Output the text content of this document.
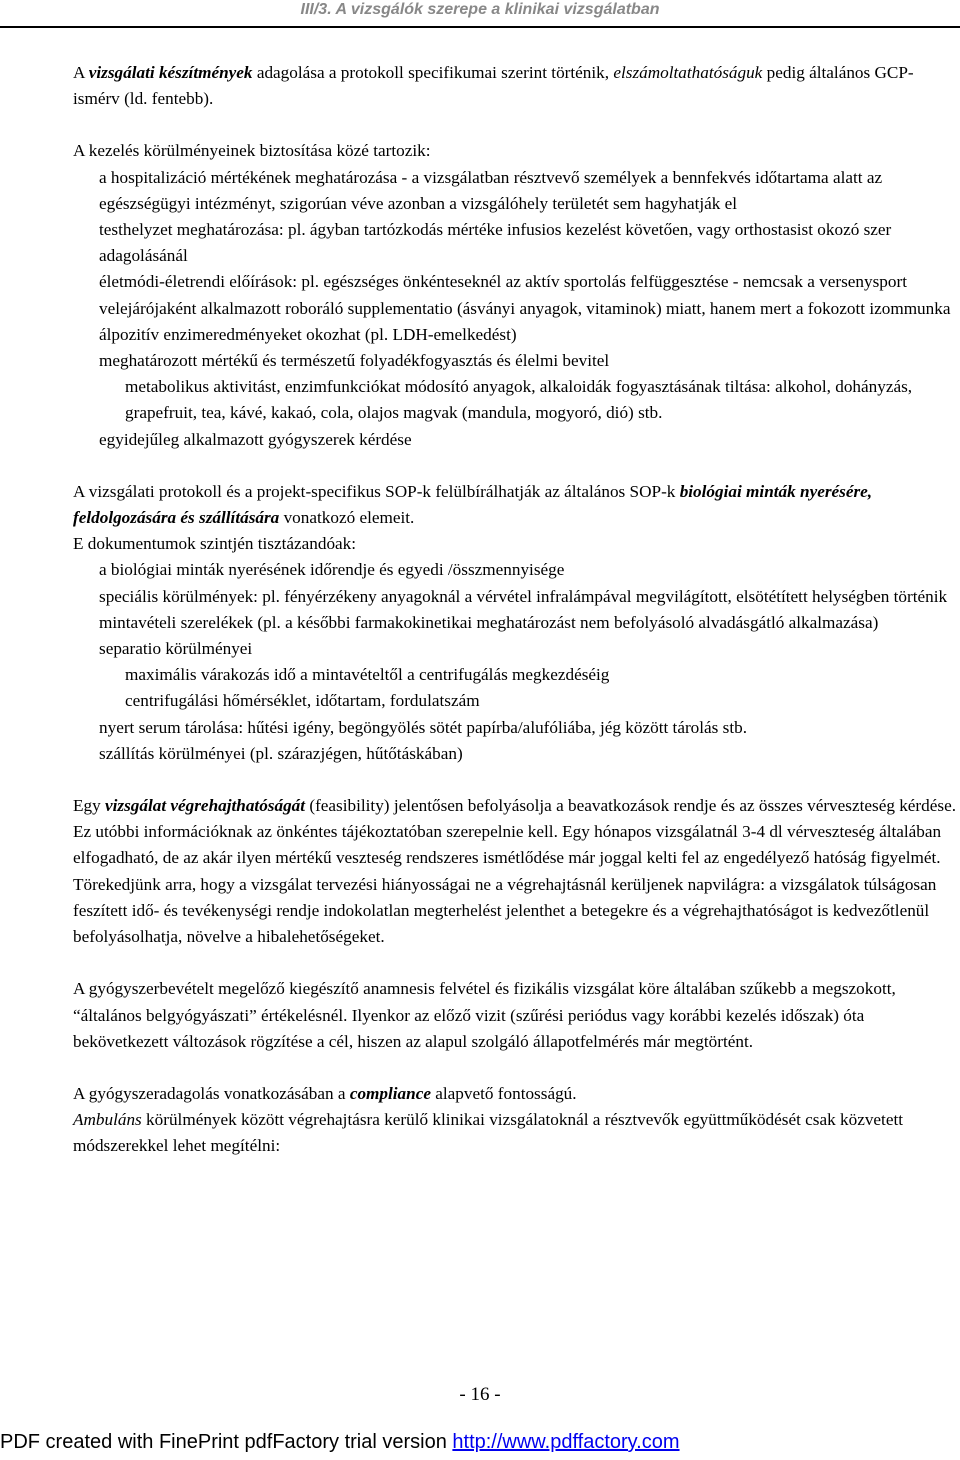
III/3. A vizsgálók szerepe a klinikai vizsgálatban

A vizsgálati készítmények adagolása a protokoll specifikumai szerint történik, elszámoltathatóságuk pedig általános GCP-ismérv (ld. fentebb).

A kezelés körülményeinek biztosítása közé tartozik:

a hospitalizáció mértékének meghatározása - a vizsgálatban résztvevő személyek a bennfekvés időtartama alatt az egészségügyi intézményt, szigorúan véve azonban a vizsgálóhely területét sem hagyhatják el

testhelyzet meghatározása: pl. ágyban tartózkodás mértéke infusios kezelést követően, vagy orthostasist okozó szer adagolásánál

életmódi-életrendi előírások: pl. egészséges önkénteseknél az aktív sportolás felfüggesztése - nemcsak a versenysport velejárójaként alkalmazott roboráló supplementatio (ásványi anyagok, vitaminok) miatt, hanem mert a fokozott izommunka álpozitív enzimeredményeket okozhat (pl. LDH-emelkedést)

meghatározott mértékű és természetű folyadékfogyasztás és élelmi bevitel

metabolikus aktivitást, enzimfunkciókat módosító anyagok, alkaloidák fogyasztásának tiltása: alkohol, dohányzás, grapefruit, tea, kávé, kakaó, cola, olajos magvak (mandula, mogyoró, dió) stb.

egyidejűleg alkalmazott gyógyszerek kérdése

A vizsgálati protokoll és a projekt-specifikus SOP-k felülbírálhatják az általános SOP-k biológiai minták nyerésére, feldolgozására és szállítására vonatkozó elemeit.

E dokumentumok szintjén tisztázandóak:

a biológiai minták nyerésének időrendje és egyedi /összmennyisége

speciális körülmények: pl. fényérzékeny anyagoknál a vérvétel infralámpával megvilágított, elsötétített helységben történik

mintavételi szerelékek (pl. a későbbi farmakokinetikai meghatározást nem befolyásoló alvadásgátló alkalmazása)

separatio körülményei

maximális várakozás idő a mintavételtől a centrifugálás megkezdéséig

centrifugálási hőmérséklet, időtartam, fordulatszám

nyert serum tárolása: hűtési igény, begöngyölés sötét papírba/alufóliába, jég között tárolás stb.

szállítás körülményei (pl. szárazjégen, hűtőtáskában)

Egy vizsgálat végrehajthatóságát (feasibility) jelentősen befolyásolja a beavatkozások rendje és az összes vérveszteség kérdése. Ez utóbbi információknak az önkéntes tájékoztatóban szerepelnie kell. Egy hónapos vizsgálatnál 3-4 dl vérveszteség általában elfogadható, de az akár ilyen mértékű veszteség rendszeres ismétlődése már joggal kelti fel az engedélyező hatóság figyelmét.

Törekedjünk arra, hogy a vizsgálat tervezési hiányosságai ne a végrehajtásnál kerüljenek napvilágra: a vizsgálatok túlságosan feszített idő- és tevékenységi rendje indokolatlan megterhelést jelenthet a betegekre és a végrehajthatóságot is kedvezőtlenül befolyásolhatja, növelve a hibalehetőségeket.

A gyógyszerbevételt megelőző kiegészítő anamnesis felvétel és fizikális vizsgálat köre általában szűkebb a megszokott, “általános belgyógyászati” értékelésnél. Ilyenkor az előző vizit (szűrési periódus vagy korábbi kezelés időszak) óta bekövetkezett változások rögzítése a cél, hiszen az alapul szolgáló állapotfelmérés már megtörtént.

A gyógyszeradagolás vonatkozásában a compliance alapvető fontosságú.

Ambuláns körülmények között végrehajtásra kerülő klinikai vizsgálatoknál a résztvevők együttműködését csak közvetett módszerekkel lehet megítélni:

- 16 -
PDF created with FinePrint pdfFactory trial version http://www.pdffactory.com
